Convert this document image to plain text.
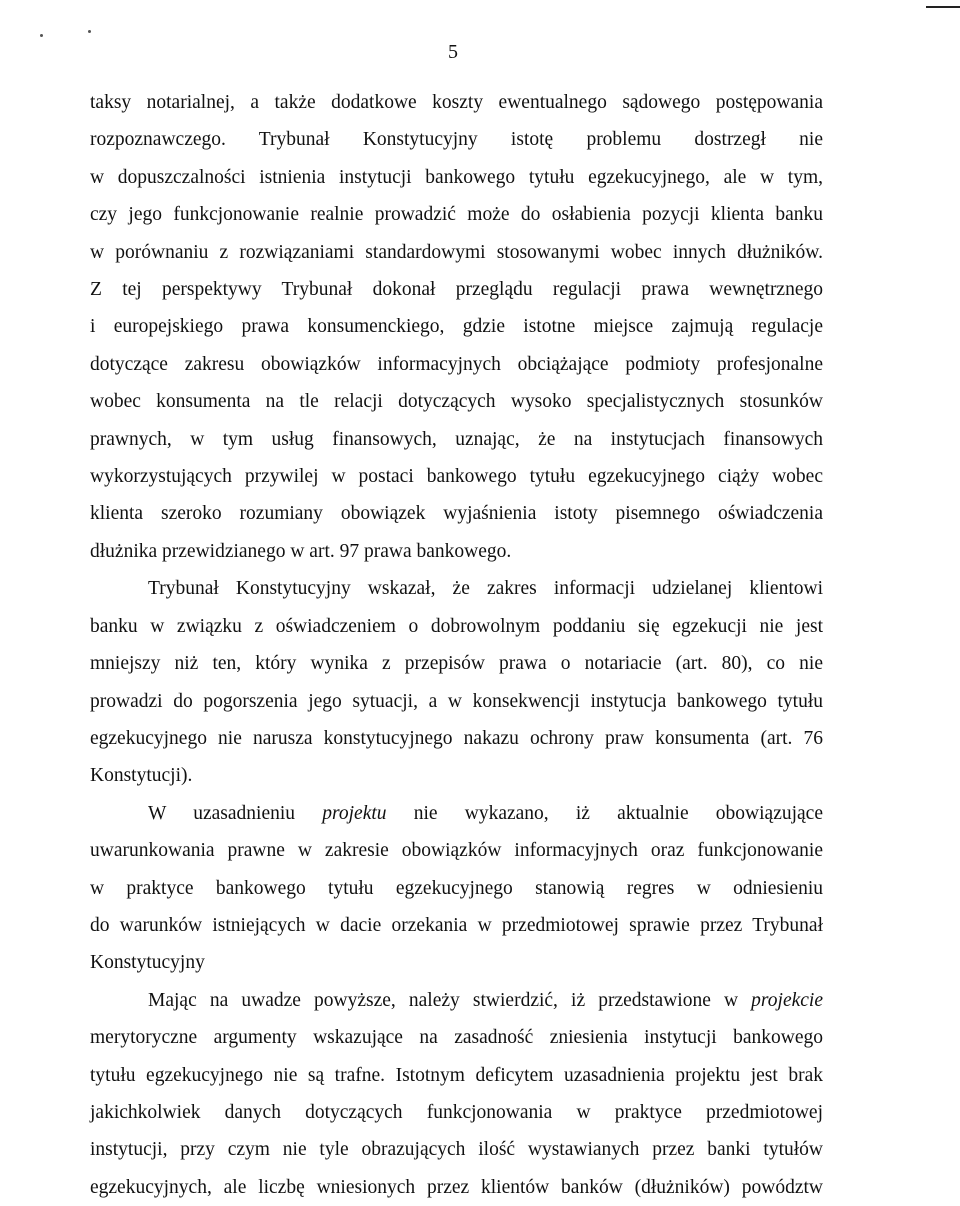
5

taksy notarialnej, a także dodatkowe koszty ewentualnego sądowego postępowania
rozpoznawczego. Trybunał Konstytucyjny istotę problemu dostrzegł nie
w dopuszczalności istnienia instytucji bankowego tytułu egzekucyjnego, ale w tym,
czy jego funkcjonowanie realnie prowadzić może do osłabienia pozycji klienta banku
w porównaniu z rozwiązaniami standardowymi stosowanymi wobec innych dłużników.
Z tej perspektywy Trybunał dokonał przeglądu regulacji prawa wewnętrznego
i europejskiego prawa konsumenckiego, gdzie istotne miejsce zajmują regulacje
dotyczące zakresu obowiązków informacyjnych obciążające podmioty profesjonalne
wobec konsumenta na tle relacji dotyczących wysoko specjalistycznych stosunków
prawnych, w tym usług finansowych, uznając, że na instytucjach finansowych
wykorzystujących przywilej w postaci bankowego tytułu egzekucyjnego ciąży wobec
klienta szeroko rozumiany obowiązek wyjaśnienia istoty pisemnego oświadczenia
dłużnika przewidzianego w art. 97 prawa bankowego.

Trybunał Konstytucyjny wskazał, że zakres informacji udzielanej klientowi
banku w związku z oświadczeniem o dobrowolnym poddaniu się egzekucji nie jest
mniejszy niż ten, który wynika z przepisów prawa o notariacie (art. 80), co nie
prowadzi do pogorszenia jego sytuacji, a w konsekwencji instytucja bankowego tytułu
egzekucyjnego nie narusza konstytucyjnego nakazu ochrony praw konsumenta (art. 76
Konstytucji).

W uzasadnieniu projektu nie wykazano, iż aktualnie obowiązujące
uwarunkowania prawne w zakresie obowiązków informacyjnych oraz funkcjonowanie
w praktyce bankowego tytułu egzekucyjnego stanowią regres w odniesieniu
do warunków istniejących w dacie orzekania w przedmiotowej sprawie przez Trybunał
Konstytucyjny

Mając na uwadze powyższe, należy stwierdzić, iż przedstawione w projekcie
merytoryczne argumenty wskazujące na zasadność zniesienia instytucji bankowego
tytułu egzekucyjnego nie są trafne. Istotnym deficytem uzasadnienia projektu jest brak
jakichkolwiek danych dotyczących funkcjonowania w praktyce przedmiotowej
instytucji, przy czym nie tyle obrazujących ilość wystawianych przez banki tytułów
egzekucyjnych, ale liczbę wniesionych przez klientów banków (dłużników) powództw
